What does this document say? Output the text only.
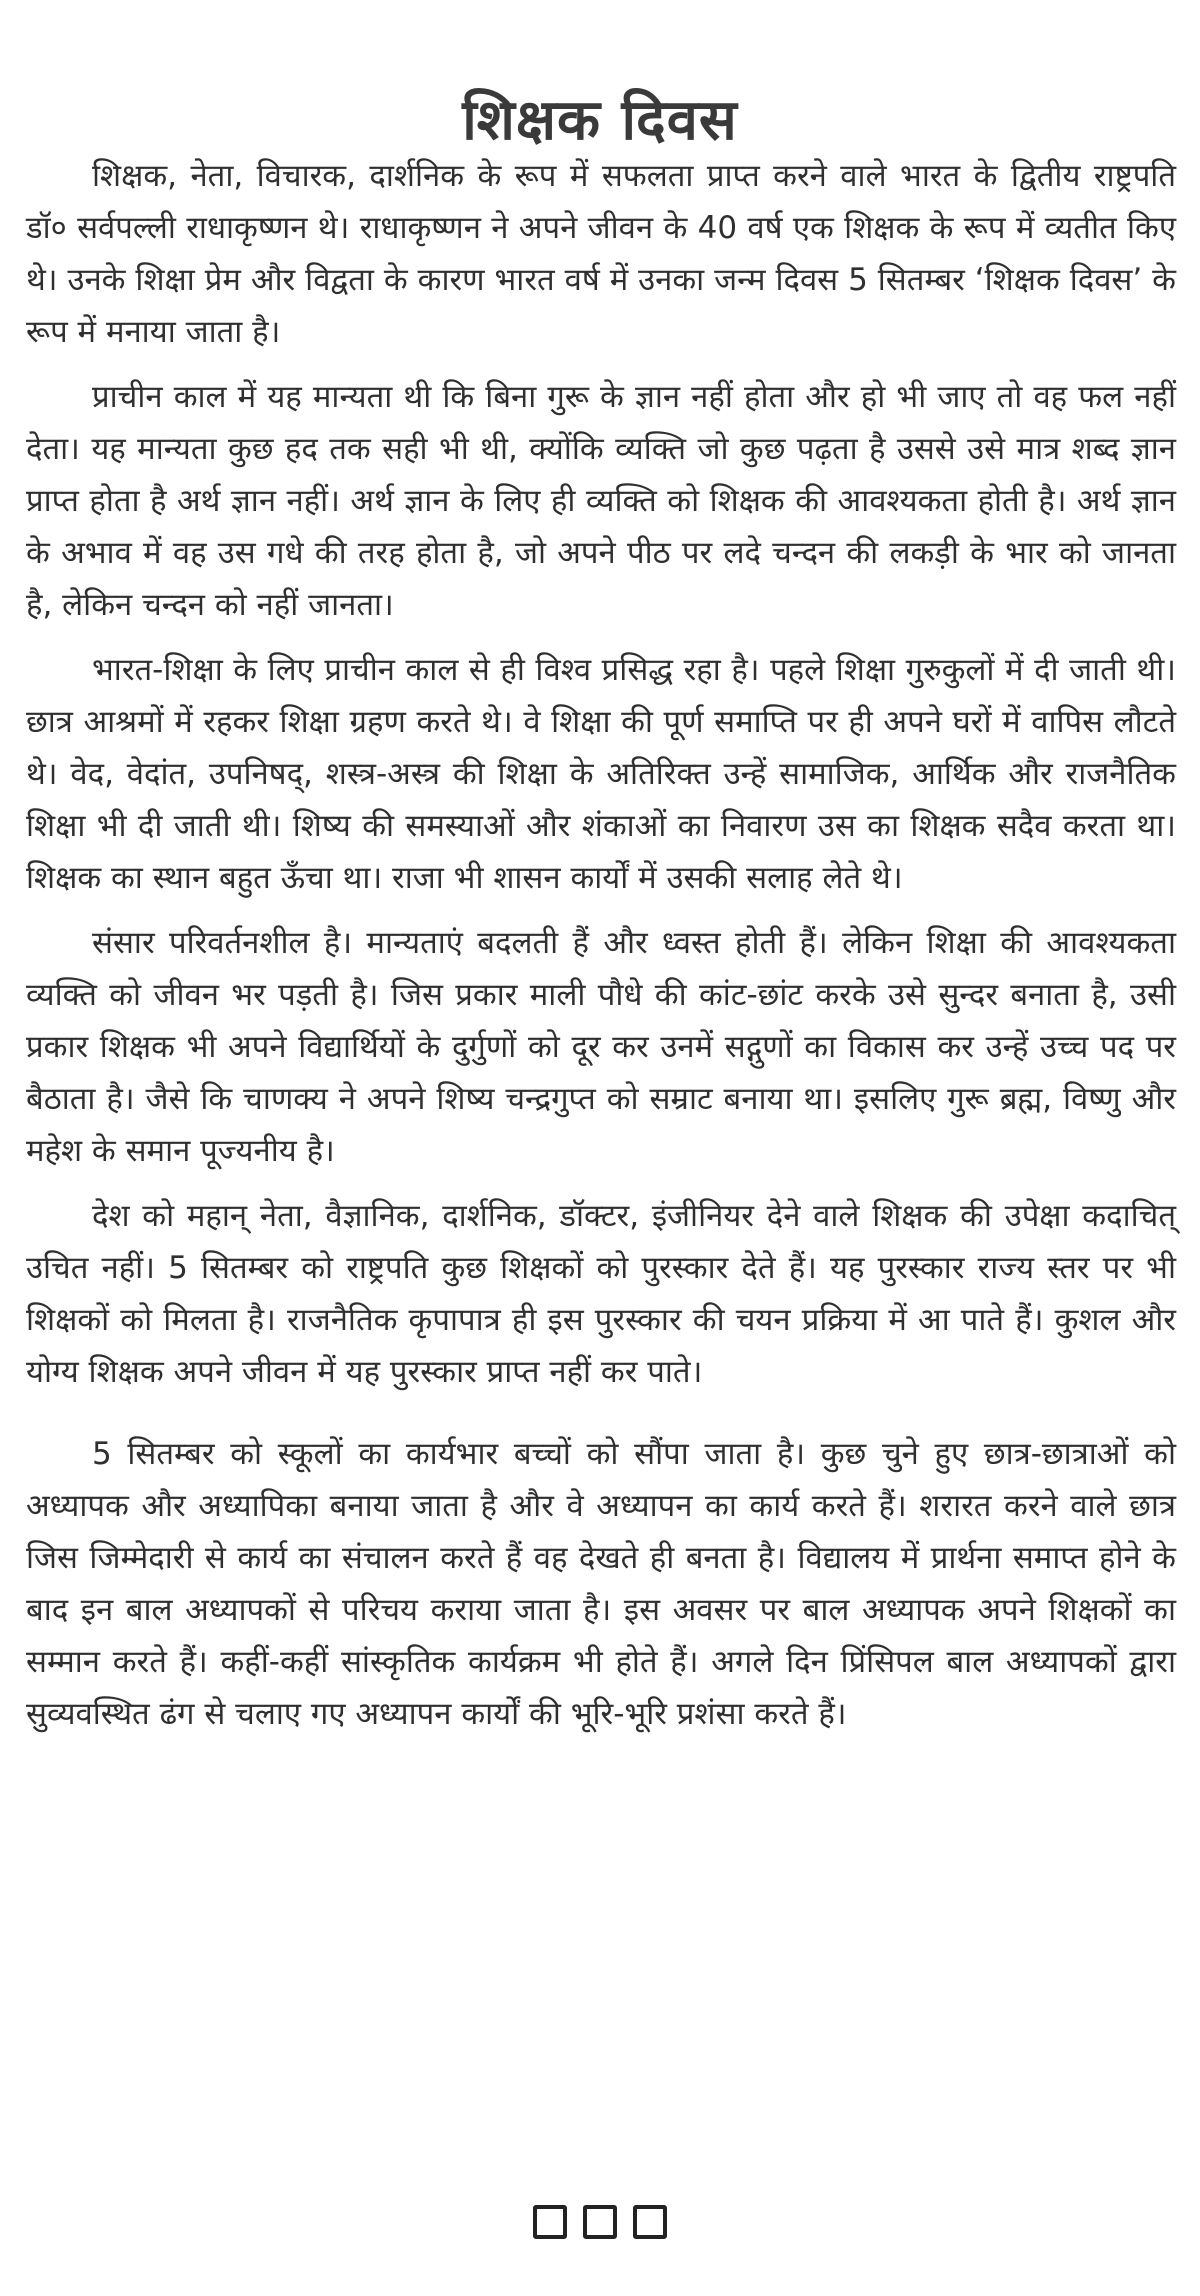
शिक्षक दिवस

शिक्षक, नेता, विचारक, दार्शनिक के रूप में सफलता प्राप्त करने वाले भारत के द्वितीय राष्ट्रपति डॉ० सर्वपल्ली राधाकृष्णन थे। राधाकृष्णन ने अपने जीवन के 40 वर्ष एक शिक्षक के रूप में व्यतीत किए थे। उनके शिक्षा प्रेम और विद्वता के कारण भारत वर्ष में उनका जन्म दिवस 5 सितम्बर ‘शिक्षक दिवस’ के रूप में मनाया जाता है।

प्राचीन काल में यह मान्यता थी कि बिना गुरू के ज्ञान नहीं होता और हो भी जाए तो वह फल नहीं देता। यह मान्यता कुछ हद तक सही भी थी, क्योंकि व्यक्ति जो कुछ पढ़ता है उससे उसे मात्र शब्द ज्ञान प्राप्त होता है अर्थ ज्ञान नहीं। अर्थ ज्ञान के लिए ही व्यक्ति को शिक्षक की आवश्यकता होती है। अर्थ ज्ञान के अभाव में वह उस गधे की तरह होता है, जो अपने पीठ पर लदे चन्दन की लकड़ी के भार को जानता है, लेकिन चन्दन को नहीं जानता।

भारत-शिक्षा के लिए प्राचीन काल से ही विश्व प्रसिद्ध रहा है। पहले शिक्षा गुरुकुलों में दी जाती थी। छात्र आश्रमों में रहकर शिक्षा ग्रहण करते थे। वे शिक्षा की पूर्ण समाप्ति पर ही अपने घरों में वापिस लौटते थे। वेद, वेदांत, उपनिषद्, शस्त्र-अस्त्र की शिक्षा के अतिरिक्त उन्हें सामाजिक, आर्थिक और राजनैतिक शिक्षा भी दी जाती थी। शिष्य की समस्याओं और शंकाओं का निवारण उस का शिक्षक सदैव करता था। शिक्षक का स्थान बहुत ऊँचा था। राजा भी शासन कार्यों में उसकी सलाह लेते थे।

संसार परिवर्तनशील है। मान्यताएं बदलती हैं और ध्वस्त होती हैं। लेकिन शिक्षा की आवश्यकता व्यक्ति को जीवन भर पड़ती है। जिस प्रकार माली पौधे की कांट-छांट करके उसे सुन्दर बनाता है, उसी प्रकार शिक्षक भी अपने विद्यार्थियों के दुर्गुणों को दूर कर उनमें सद्गुणों का विकास कर उन्हें उच्च पद पर बैठाता है। जैसे कि चाणक्य ने अपने शिष्य चन्द्रगुप्त को सम्राट बनाया था। इसलिए गुरू ब्रह्म, विष्णु और महेश के समान पूज्यनीय है।

देश को महान् नेता, वैज्ञानिक, दार्शनिक, डॉक्टर, इंजीनियर देने वाले शिक्षक की उपेक्षा कदाचित् उचित नहीं। 5 सितम्बर को राष्ट्रपति कुछ शिक्षकों को पुरस्कार देते हैं। यह पुरस्कार राज्य स्तर पर भी शिक्षकों को मिलता है। राजनैतिक कृपापात्र ही इस पुरस्कार की चयन प्रक्रिया में आ पाते हैं। कुशल और योग्य शिक्षक अपने जीवन में यह पुरस्कार प्राप्त नहीं कर पाते।

5 सितम्बर को स्कूलों का कार्यभार बच्चों को सौंपा जाता है। कुछ चुने हुए छात्र-छात्राओं को अध्यापक और अध्यापिका बनाया जाता है और वे अध्यापन का कार्य करते हैं। शरारत करने वाले छात्र जिस जिम्मेदारी से कार्य का संचालन करते हैं वह देखते ही बनता है। विद्यालय में प्रार्थना समाप्त होने के बाद इन बाल अध्यापकों से परिचय कराया जाता है। इस अवसर पर बाल अध्यापक अपने शिक्षकों का सम्मान करते हैं। कहीं-कहीं सांस्कृतिक कार्यक्रम भी होते हैं। अगले दिन प्रिंसिपल बाल अध्यापकों द्वारा सुव्यवस्थित ढंग से चलाए गए अध्यापन कार्यों की भूरि-भूरि प्रशंसा करते हैं।
